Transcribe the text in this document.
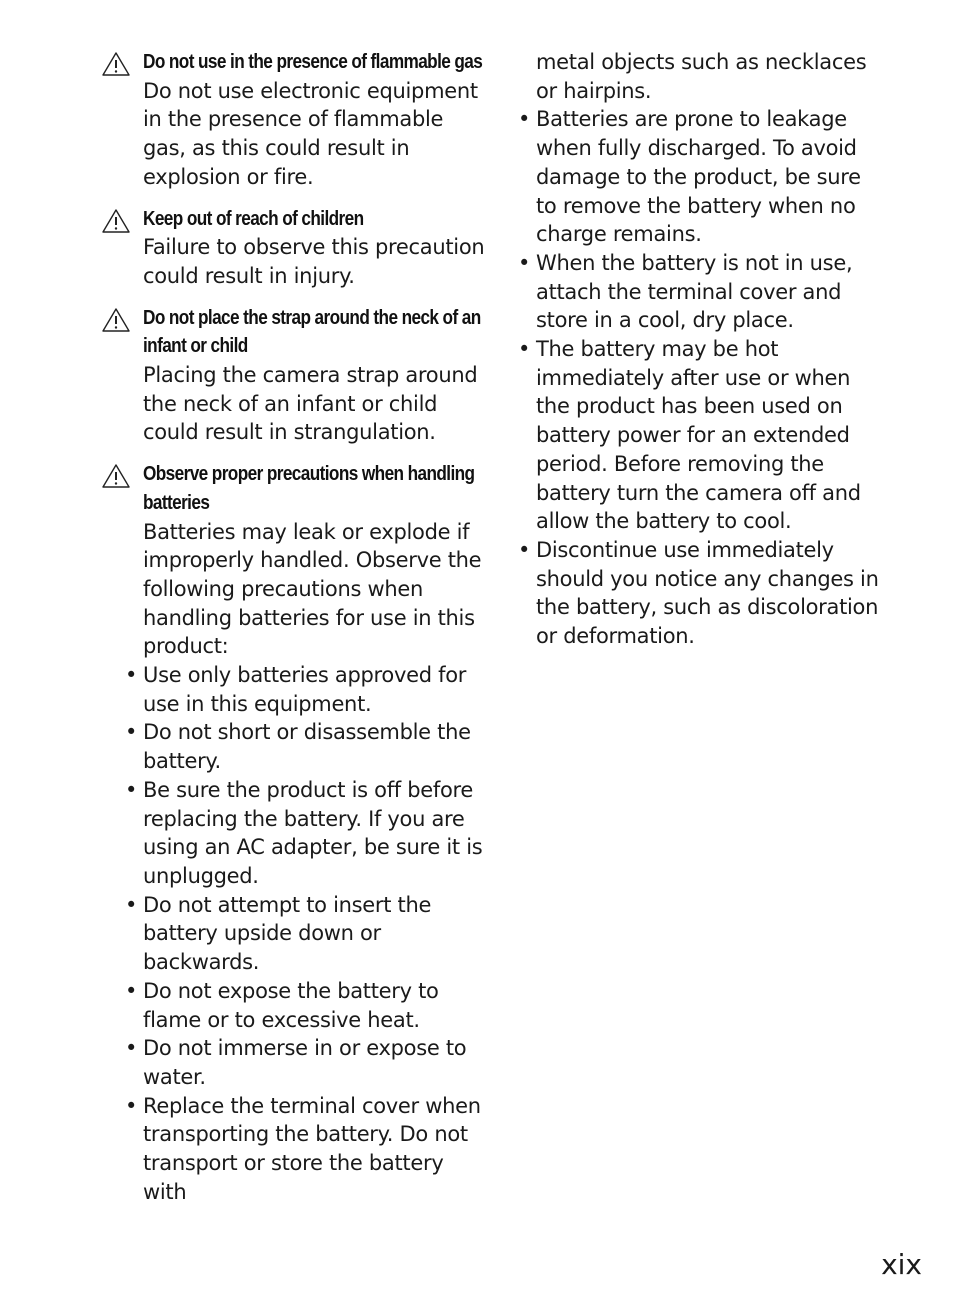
Do not use in the presence of flammable gas
Do not use electronic equipment in the presence of flammable gas, as this could result in explosion or fire.
Keep out of reach of children
Failure to observe this precaution could result in injury.
Do not place the strap around the neck of an infant or child
Placing the camera strap around the neck of an infant or child could result in strangulation.
Observe proper precautions when handling batteries
Batteries may leak or explode if improperly handled. Observe the following precautions when handling batteries for use in this product:
• Use only batteries approved for use in this equipment.
• Do not short or disassemble the battery.
• Be sure the product is off before replacing the battery. If you are using an AC adapter, be sure it is unplugged.
• Do not attempt to insert the battery upside down or backwards.
• Do not expose the battery to flame or to excessive heat.
• Do not immerse in or expose to water.
• Replace the terminal cover when transporting the battery. Do not transport or store the battery with
metal objects such as necklaces or hairpins.
• Batteries are prone to leakage when fully discharged. To avoid damage to the product, be sure to remove the battery when no charge remains.
• When the battery is not in use, attach the terminal cover and store in a cool, dry place.
• The battery may be hot immediately after use or when the product has been used on battery power for an extended period. Before removing the battery turn the camera off and allow the battery to cool.
• Discontinue use immediately should you notice any changes in the battery, such as discoloration or deformation.
xix
